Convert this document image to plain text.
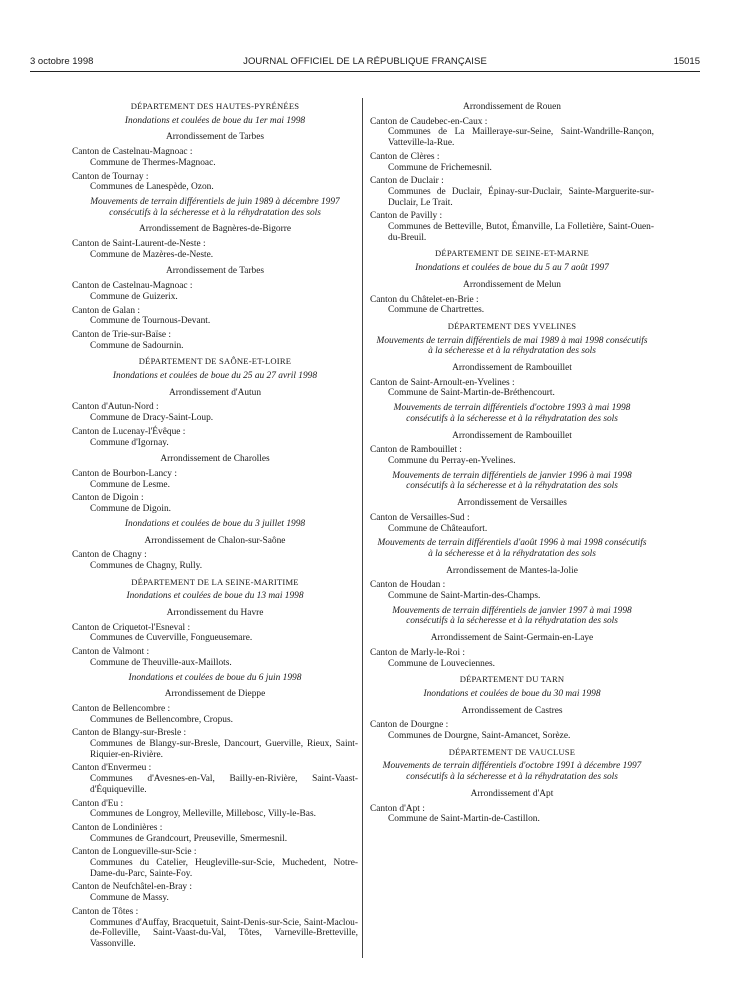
3 octobre 1998	JOURNAL OFFICIEL DE LA RÉPUBLIQUE FRANÇAISE	15015
DÉPARTEMENT DES HAUTES-PYRÉNÉES
Inondations et coulées de boue du 1er mai 1998
Arrondissement de Tarbes
Canton de Castelnau-Magnoac :
Commune de Thermes-Magnoac.
Canton de Tournay :
Communes de Lanespède, Ozon.
Mouvements de terrain différentiels de juin 1989 à décembre 1997 consécutifs à la sécheresse et à la réhydratation des sols
Arrondissement de Bagnères-de-Bigorre
Canton de Saint-Laurent-de-Neste :
Commune de Mazères-de-Neste.
Arrondissement de Tarbes
Canton de Castelnau-Magnoac :
Commune de Guizerix.
Canton de Galan :
Commune de Tournous-Devant.
Canton de Trie-sur-Baïse :
Commune de Sadournin.
DÉPARTEMENT DE SAÔNE-ET-LOIRE
Inondations et coulées de boue du 25 au 27 avril 1998
Arrondissement d'Autun
Canton d'Autun-Nord :
Commune de Dracy-Saint-Loup.
Canton de Lucenay-l'Évêque :
Commune d'Igornay.
Arrondissement de Charolles
Canton de Bourbon-Lancy :
Commune de Lesme.
Canton de Digoin :
Commune de Digoin.
Inondations et coulées de boue du 3 juillet 1998
Arrondissement de Chalon-sur-Saône
Canton de Chagny :
Communes de Chagny, Rully.
DÉPARTEMENT DE LA SEINE-MARITIME
Inondations et coulées de boue du 13 mai 1998
Arrondissement du Havre
Canton de Criquetot-l'Esneval :
Communes de Cuverville, Fongueusemare.
Canton de Valmont :
Commune de Theuville-aux-Maillots.
Inondations et coulées de boue du 6 juin 1998
Arrondissement de Dieppe
Canton de Bellencombre :
Communes de Bellencombre, Cropus.
Canton de Blangy-sur-Bresle :
Communes de Blangy-sur-Bresle, Dancourt, Guerville, Rieux, Saint-Riquier-en-Rivière.
Canton d'Envermeu :
Communes d'Avesnes-en-Val, Bailly-en-Rivière, Saint-Vaast-d'Équiqueville.
Canton d'Eu :
Communes de Longroy, Melleville, Millebosc, Villy-le-Bas.
Canton de Londinières :
Communes de Grandcourt, Preuseville, Smermesnil.
Canton de Longueville-sur-Scie :
Communes du Catelier, Heugleville-sur-Scie, Muchedent, Notre-Dame-du-Parc, Sainte-Foy.
Canton de Neufchâtel-en-Bray :
Commune de Massy.
Canton de Tôtes :
Communes d'Auffay, Bracquetuit, Saint-Denis-sur-Scie, Saint-Maclou-de-Folleville, Saint-Vaast-du-Val, Tôtes, Varneville-Bretteville, Vassonville.
Arrondissement de Rouen
Canton de Caudebec-en-Caux :
Communes de La Mailleraye-sur-Seine, Saint-Wandrille-Rançon, Vatteville-la-Rue.
Canton de Clères :
Commune de Frichemesnil.
Canton de Duclair :
Communes de Duclair, Épinay-sur-Duclair, Sainte-Marguerite-sur-Duclair, Le Trait.
Canton de Pavilly :
Communes de Betteville, Butot, Émanville, La Folletière, Saint-Ouen-du-Breuil.
DÉPARTEMENT DE SEINE-ET-MARNE
Inondations et coulées de boue du 5 au 7 août 1997
Arrondissement de Melun
Canton du Châtelet-en-Brie :
Commune de Chartrettes.
DÉPARTEMENT DES YVELINES
Mouvements de terrain différentiels de mai 1989 à mai 1998 consécutifs à la sécheresse et à la réhydratation des sols
Arrondissement de Rambouillet
Canton de Saint-Arnoult-en-Yvelines :
Commune de Saint-Martin-de-Bréthencourt.
Mouvements de terrain différentiels d'octobre 1993 à mai 1998 consécutifs à la sécheresse et à la réhydratation des sols
Arrondissement de Rambouillet
Canton de Rambouillet :
Commune du Perray-en-Yvelines.
Mouvements de terrain différentiels de janvier 1996 à mai 1998 consécutifs à la sécheresse et à la réhydratation des sols
Arrondissement de Versailles
Canton de Versailles-Sud :
Commune de Châteaufort.
Mouvements de terrain différentiels d'août 1996 à mai 1998 consécutifs à la sécheresse et à la réhydratation des sols
Arrondissement de Mantes-la-Jolie
Canton de Houdan :
Commune de Saint-Martin-des-Champs.
Mouvements de terrain différentiels de janvier 1997 à mai 1998 consécutifs à la sécheresse et à la réhydratation des sols
Arrondissement de Saint-Germain-en-Laye
Canton de Marly-le-Roi :
Commune de Louveciennes.
DÉPARTEMENT DU TARN
Inondations et coulées de boue du 30 mai 1998
Arrondissement de Castres
Canton de Dourgne :
Communes de Dourgne, Saint-Amancet, Sorèze.
DÉPARTEMENT DE VAUCLUSE
Mouvements de terrain différentiels d'octobre 1991 à décembre 1997 consécutifs à la sécheresse et à la réhydratation des sols
Arrondissement d'Apt
Canton d'Apt :
Commune de Saint-Martin-de-Castillon.
